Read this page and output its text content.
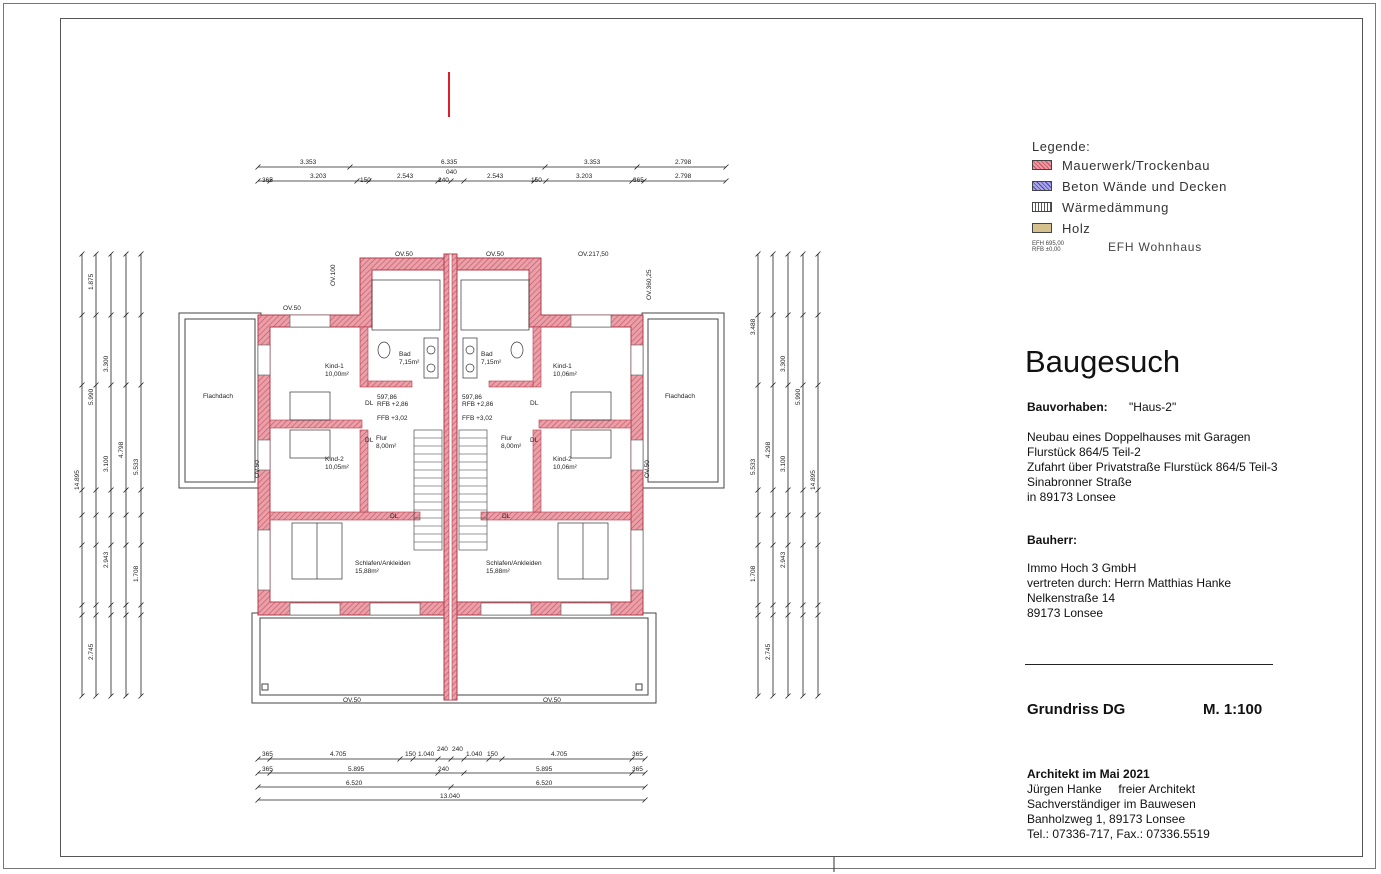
3.353	6.335	3.353	2.798
365
3.203
150
2.543
240
2.543
150
3.203
365
2.798
040
14.895
5.990
4.798
5.533
1.875
3.300
3.100
2.943
1.708
2.745
5.533
4.298
5.990
14.895
3.488
3.300
3.100
2.943
1.708
2.745
365	4.705	150 1.040
240 240
1.040 150	4.705	365
365	5.895	240	5.895	365
6.520	6.520
13.040
Flachdach	Flachdach
Kind-1
10,00m²
Kind-1
10,06m²
Kind-2
10,05m²
Kind-2
10,06m²
Bad
7,15m²
Bad
7,15m²
Flur
8,00m²
Flur
8,00m²
Schlafen/Ankleiden
15,88m²
Schlafen/Ankleiden
15,88m²
597,86
RFB +2,86
FFB +3,02
597,86
RFB +2,86
FFB +3,02
DL	DL
DL	DL
DL	DL
OV.50	OV.50
OV.50
OV.217,50
OV.50	OV.50
OV.100	OV.360,25
OV.50	OV.50
Legende:
Mauerwerk/Trockenbau
Beton Wände und Decken
Wärmedämmung
Holz
EFH 695,00
RFB ±0,00	EFH Wohnhaus
Baugesuch
Bauvorhaben: "Haus-2"
Neubau eines Doppelhauses mit Garagen
Flurstück 864/5 Teil-2
Zufahrt über Privatstraße Flurstück 864/5 Teil-3
Sinabronner Straße
in 89173 Lonsee
Bauherr:
Immo Hoch 3 GmbH
vertreten durch: Herrn Matthias Hanke
Nelkenstraße 14
89173 Lonsee
Grundriss DG	M. 1:100
Architekt im Mai 2021
Jürgen Hanke     freier Architekt
Sachverständiger im Bauwesen
Banholzweg 1, 89173 Lonsee
Tel.: 07336-717, Fax.: 07336.5519
